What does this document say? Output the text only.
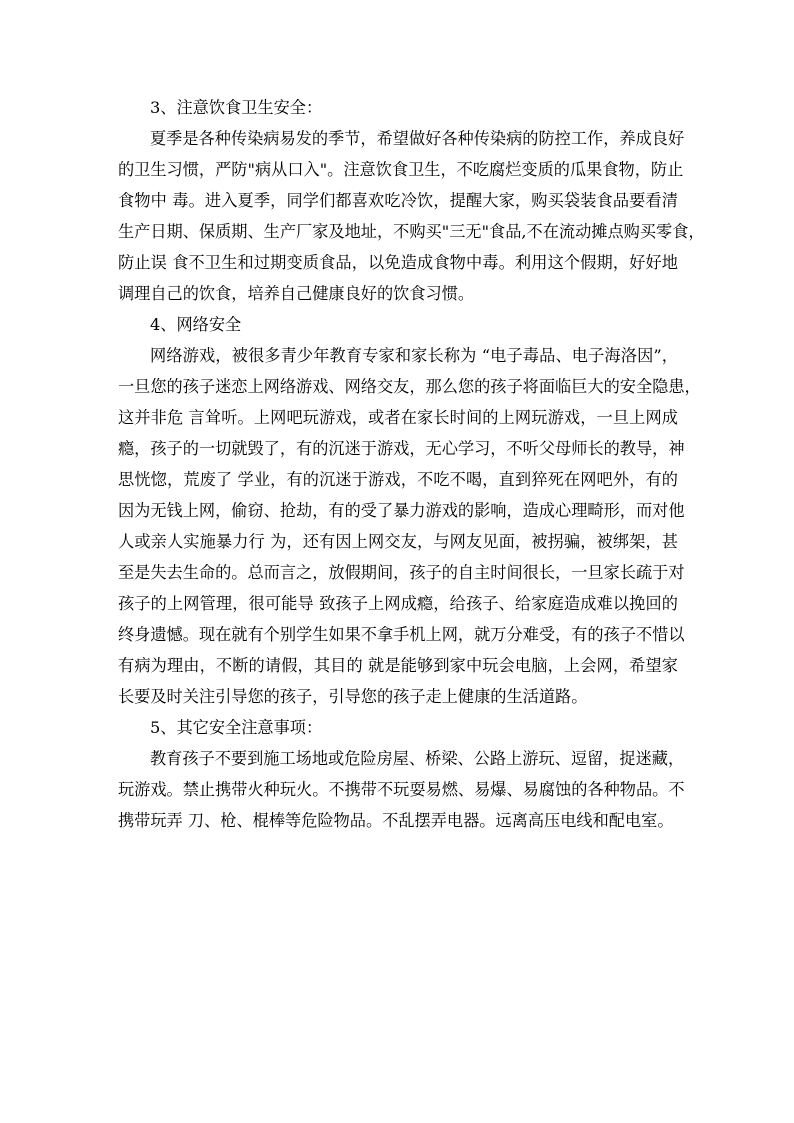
3、注意饮食卫生安全：
夏季是各种传染病易发的季节，希望做好各种传染病的防控工作，养成良好
的卫生习惯，严防"病从口入"。注意饮食卫生，不吃腐烂变质的瓜果食物，防止
食物中 毒。进入夏季，同学们都喜欢吃冷饮，提醒大家，购买袋装食品要看清
生产日期、保质期、生产厂家及地址，不购买"三无"食品,不在流动摊点购买零食，
防止误 食不卫生和过期变质食品，以免造成食物中毒。利用这个假期，好好地
调理自己的饮食，培养自己健康良好的饮食习惯。
4、网络安全
网络游戏，被很多青少年教育专家和家长称为 “电子毒品、电子海洛因”，
一旦您的孩子迷恋上网络游戏、网络交友，那么您的孩子将面临巨大的安全隐患，
这并非危 言耸听。上网吧玩游戏，或者在家长时间的上网玩游戏，一旦上网成
瘾，孩子的一切就毁了，有的沉迷于游戏，无心学习，不听父母师长的教导，神
思恍惚，荒废了 学业，有的沉迷于游戏，不吃不喝，直到猝死在网吧外，有的
因为无钱上网，偷窃、抢劫，有的受了暴力游戏的影响，造成心理畸形，而对他
人或亲人实施暴力行 为，还有因上网交友，与网友见面，被拐骗，被绑架，甚
至是失去生命的。总而言之，放假期间，孩子的自主时间很长，一旦家长疏于对
孩子的上网管理，很可能导 致孩子上网成瘾，给孩子、给家庭造成难以挽回的
终身遗憾。现在就有个别学生如果不拿手机上网，就万分难受，有的孩子不惜以
有病为理由，不断的请假，其目的 就是能够到家中玩会电脑，上会网，希望家
长要及时关注引导您的孩子，引导您的孩子走上健康的生活道路。
5、其它安全注意事项：
教育孩子不要到施工场地或危险房屋、桥梁、公路上游玩、逗留，捉迷藏，
玩游戏。禁止携带火种玩火。不携带不玩耍易燃、易爆、易腐蚀的各种物品。不
携带玩弄 刀、枪、棍棒等危险物品。不乱摆弄电器。远离高压电线和配电室。
